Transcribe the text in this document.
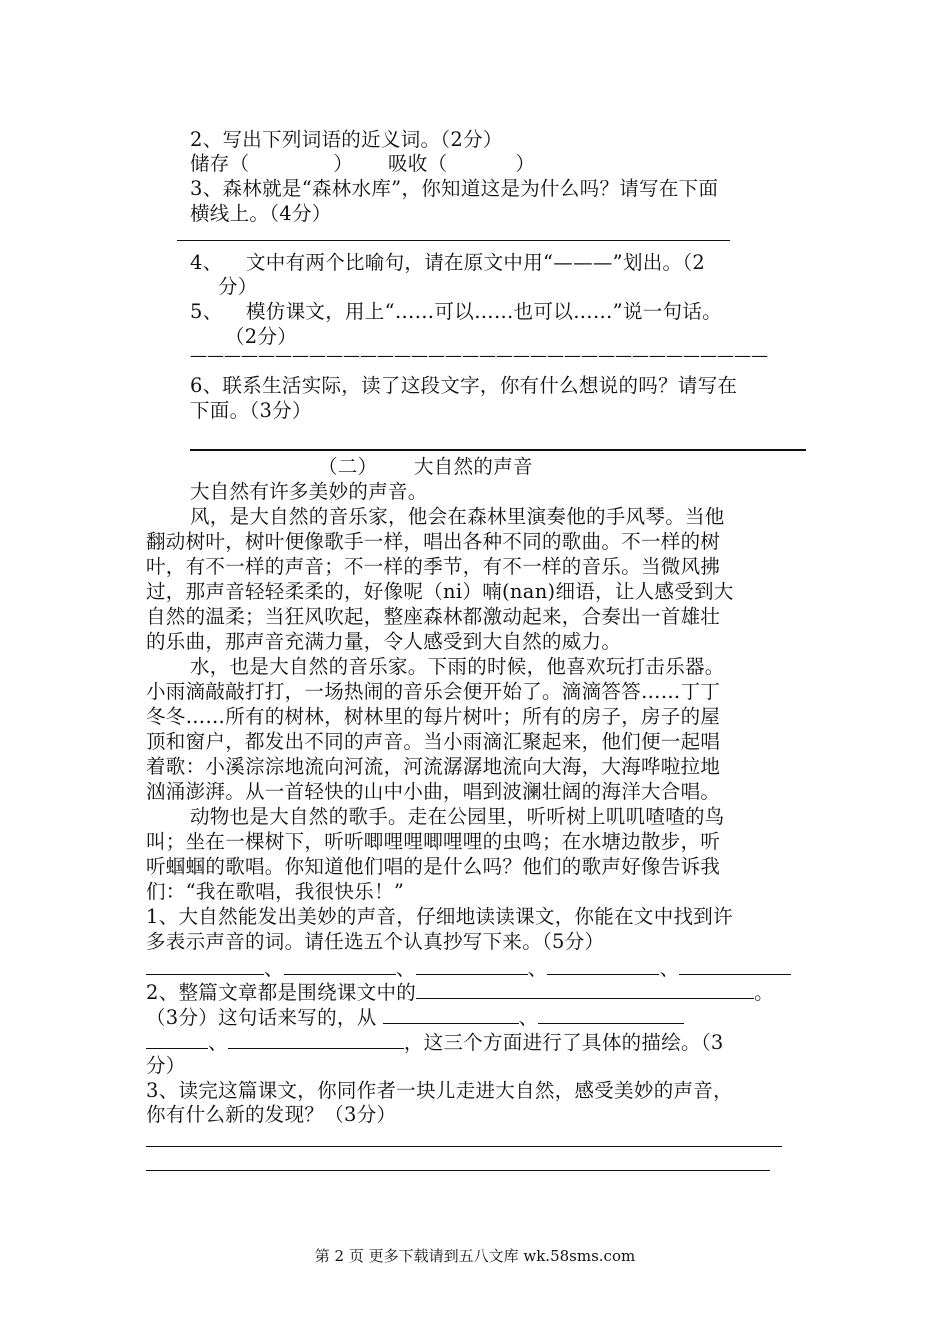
2、写出下列词语的近义词。（2分）
储存（	） 吸收（	）
3、森林就是“森林水库”，你知道这是为什么吗？请写在下面
横线上。（4分）
4、 文中有两个比喻句，请在原文中用“———”划出。（2
分）
5、 模仿课文，用上“……可以……也可以……”说一句话。
（2分）
——————————————————————————————————
6、联系生活实际，读了这段文字，你有什么想说的吗？请写在
下面。（3分）
（二） 大自然的声音
大自然有许多美妙的声音。
风，是大自然的音乐家，他会在森林里演奏他的手风琴。当他
翻动树叶，树叶便像歌手一样，唱出各种不同的歌曲。不一样的树
叶，有不一样的声音；不一样的季节，有不一样的音乐。当微风拂
过，那声音轻轻柔柔的，好像呢（ni）喃(nan)细语，让人感受到大
自然的温柔；当狂风吹起，整座森林都激动起来，合奏出一首雄壮
的乐曲，那声音充满力量，令人感受到大自然的威力。
水，也是大自然的音乐家。下雨的时候，他喜欢玩打击乐器。
小雨滴敲敲打打，一场热闹的音乐会便开始了。滴滴答答……丁丁
冬冬……所有的树林，树林里的每片树叶；所有的房子，房子的屋
顶和窗户，都发出不同的声音。当小雨滴汇聚起来，他们便一起唱
着歌：小溪淙淙地流向河流，河流潺潺地流向大海，大海哗啦拉地
汹涌澎湃。从一首轻快的山中小曲，唱到波澜壮阔的海洋大合唱。
动物也是大自然的歌手。走在公园里，听听树上叽叽喳喳的鸟
叫；坐在一棵树下，听听唧哩哩唧哩哩的虫鸣；在水塘边散步，听
听蝈蝈的歌唱。你知道他们唱的是什么吗？他们的歌声好像告诉我
们：“我在歌唱，我很快乐！”
1、大自然能发出美妙的声音，仔细地读读课文，你能在文中找到许
多表示声音的词。请任选五个认真抄写下来。（5分）
、	、	、	、
2、整篇文章都是围绕课文中的	。
（3分）这句话来写的，从	、
、	，这三个方面进行了具体的描绘。（3
分）
3、读完这篇课文，你同作者一块儿走进大自然，感受美妙的声音，
你有什么新的发现？（3分）
第 2 页 更多下载请到五八文库 wk.58sms.com
